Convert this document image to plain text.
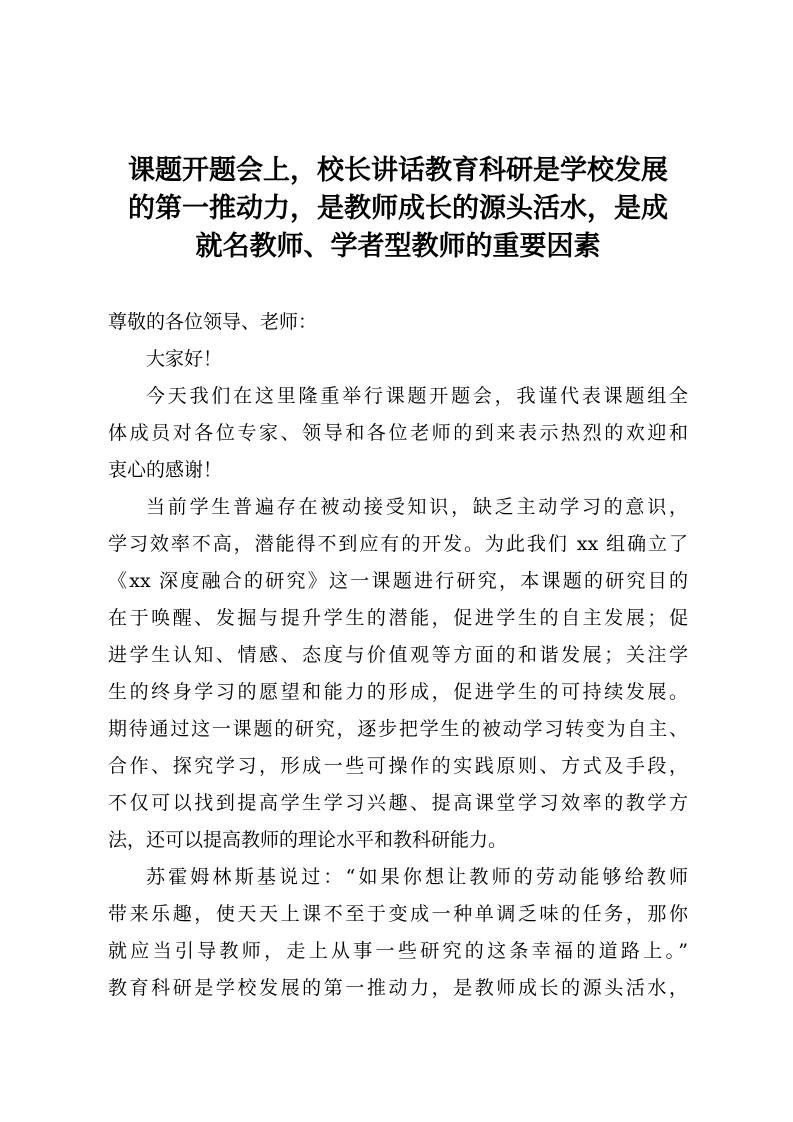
课题开题会上，校长讲话教育科研是学校发展
的第一推动力，是教师成长的源头活水，是成
就名教师、学者型教师的重要因素
尊敬的各位领导、老师：
大家好！
今天我们在这里隆重举行课题开题会，我谨代表课题组全
体成员对各位专家、领导和各位老师的到来表示热烈的欢迎和
衷心的感谢！
当前学生普遍存在被动接受知识，缺乏主动学习的意识，
学习效率不高，潜能得不到应有的开发。为此我们 xx 组确立了
《xx 深度融合的研究》这一课题进行研究，本课题的研究目的
在于唤醒、发掘与提升学生的潜能，促进学生的自主发展；促
进学生认知、情感、态度与价值观等方面的和谐发展；关注学
生的终身学习的愿望和能力的形成，促进学生的可持续发展。
期待通过这一课题的研究，逐步把学生的被动学习转变为自主、
合作、探究学习，形成一些可操作的实践原则、方式及手段，
不仅可以找到提高学生学习兴趣、提高课堂学习效率的教学方
法，还可以提高教师的理论水平和教科研能力。
苏霍姆林斯基说过：“如果你想让教师的劳动能够给教师
带来乐趣，使天天上课不至于变成一种单调乏味的任务，那你
就应当引导教师，走上从事一些研究的这条幸福的道路上。”
教育科研是学校发展的第一推动力，是教师成长的源头活水，
